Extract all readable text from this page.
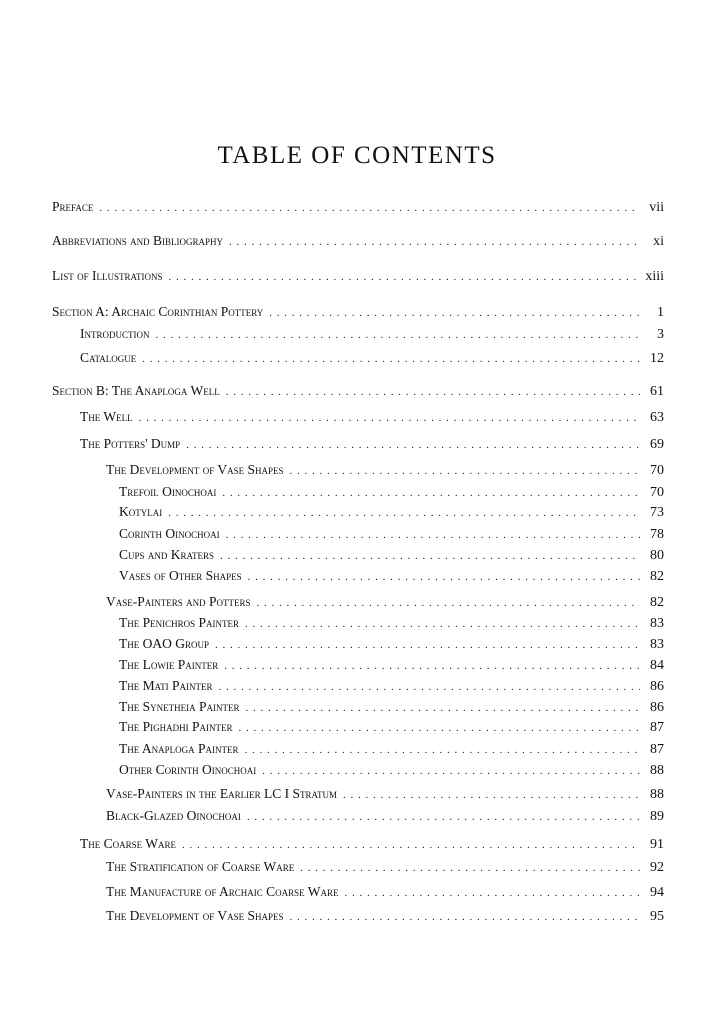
TABLE OF CONTENTS
Preface . . .	vii
Abbreviations and Bibliography . . .	xi
List of Illustrations . . .	xiii
Section A: Archaic Corinthian Pottery . . .	1
Introduction . . .	3
Catalogue . . .	12
Section B: The Anaploga Well . . .	61
The Well . . .	63
The Potters' Dump . . .	69
The Development of Vase Shapes . . .	70
Trefoil Oinochoai . . .	70
Kotylai . . .	73
Corinth Oinochoai . . .	78
Cups and Kraters . . .	80
Vases of Other Shapes . . .	82
Vase-Painters and Potters . . .	82
The Penichros Painter . . .	83
The OAO Group . . .	83
The Lowie Painter . . .	84
The Mati Painter . . .	86
The Synetheia Painter . . .	86
The Pighadhi Painter . . .	87
The Anaploga Painter . . .	87
Other Corinth Oinochoai . . .	88
Vase-Painters in the Earlier LC I Stratum . . .	88
Black-Glazed Oinochoai . . .	89
The Coarse Ware . . .	91
The Stratification of Coarse Ware . . .	92
The Manufacture of Archaic Coarse Ware . . .	94
The Development of Vase Shapes . . .	95
